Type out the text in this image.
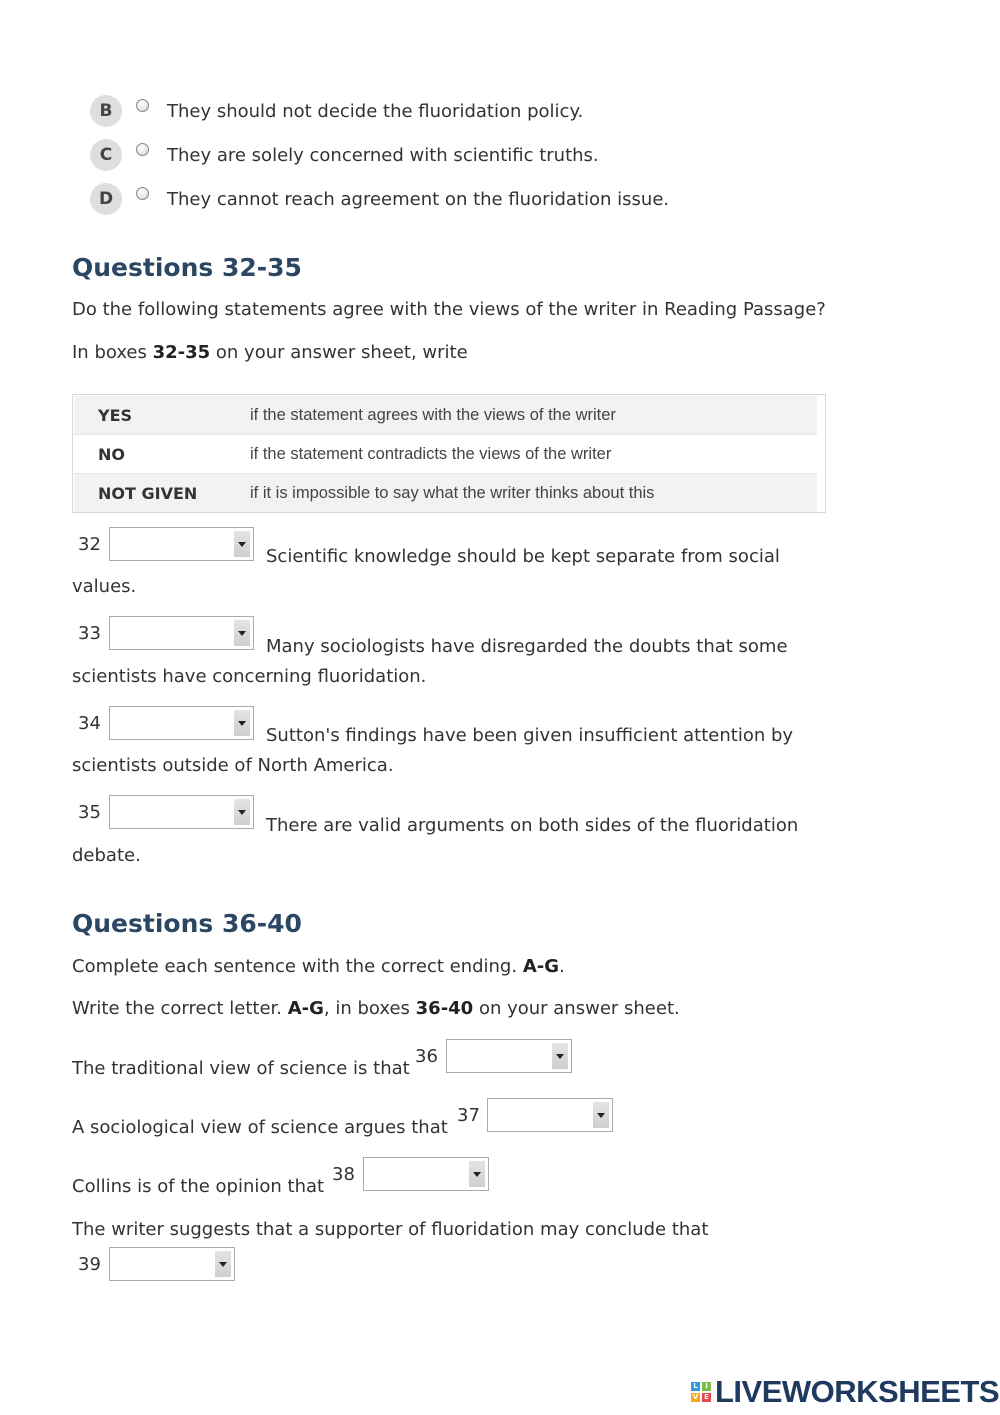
B	They should not decide the fluoridation policy.
C	They are solely concerned with scientific truths.
D	They cannot reach agreement on the fluoridation issue.
Questions 32-35

Do the following statements agree with the views of the writer in Reading Passage?

In boxes 32-35 on your answer sheet, write

YES	if the statement agrees with the views of the writer
NO	if the statement contradicts the views of the writer
NOT GIVEN	if it is impossible to say what the writer thinks about this
32
Scientific knowledge should be kept separate from social
values.
33
Many sociologists have disregarded the doubts that some
scientists have concerning fluoridation.
34
Sutton's findings have been given insufficient attention by
scientists outside of North America.
35
There are valid arguments on both sides of the fluoridation
debate.
Questions 36-40

Complete each sentence with the correct ending. A-G.

Write the correct letter. A-G, in boxes 36-40 on your answer sheet.

The traditional view of science is that
36
A sociological view of science argues that
37
Collins is of the opinion that
38
The writer suggests that a supporter of fluoridation may conclude that
39
L	I
V E LIVEWORKSHEETS
